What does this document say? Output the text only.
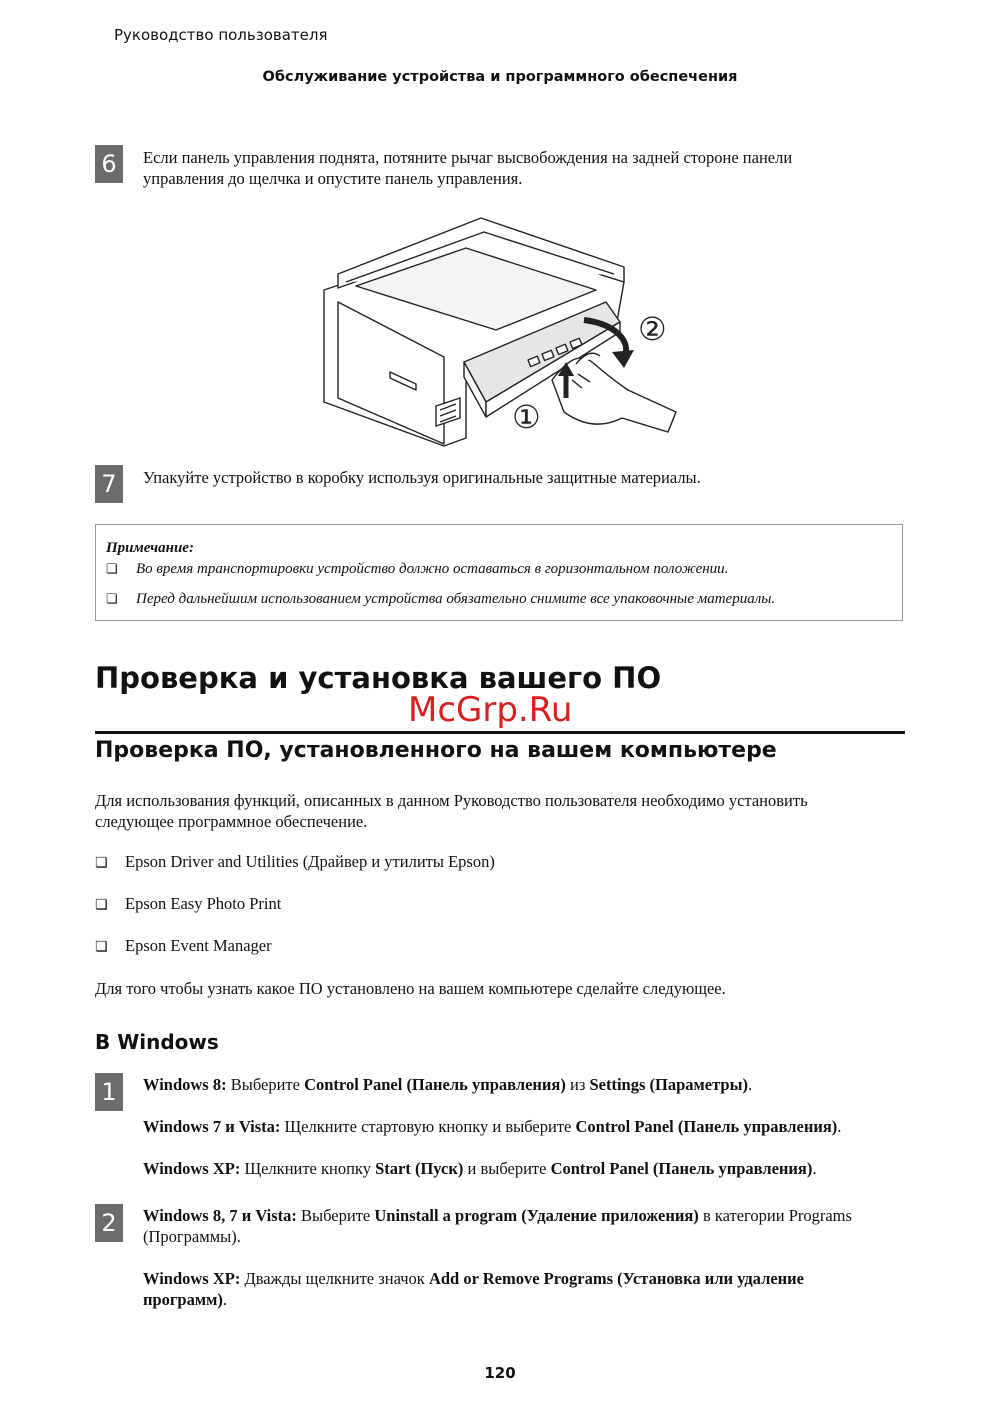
Руководство пользователя
Обслуживание устройства и программного обеспечения
6	Если панель управления поднята, потяните рычаг высвобождения на задней стороне панели
управления до щелчка и опустите панель управления.
①
②
7	Упакуйте устройство в коробку используя оригинальные защитные материалы.
Примечание:
❏ Во время транспортировки устройство должно оставаться в горизонтальном положении.
❏ Перед дальнейшим использованием устройства обязательно снимите все упаковочные материалы.
Проверка и установка вашего ПО
McGrp.Ru
Проверка ПО, установленного на вашем компьютере
Для использования функций, описанных в данном Руководство пользователя необходимо установить
следующее программное обеспечение.
❏ Epson Driver and Utilities (Драйвер и утилиты Epson)
❏ Epson Easy Photo Print
❏ Epson Event Manager
Для того чтобы узнать какое ПО установлено на вашем компьютере сделайте следующее.
В Windows
1	Windows 8: Выберите Control Panel (Панель управления) из Settings (Параметры).
Windows 7 и Vista: Щелкните стартовую кнопку и выберите Control Panel (Панель управления).
Windows XP: Щелкните кнопку Start (Пуск) и выберите Control Panel (Панель управления).
2	Windows 8, 7 и Vista: Выберите Uninstall a program (Удаление приложения) в категории Programs
(Программы).
Windows XP: Дважды щелкните значок Add or Remove Programs (Установка или удаление
программ).
120
